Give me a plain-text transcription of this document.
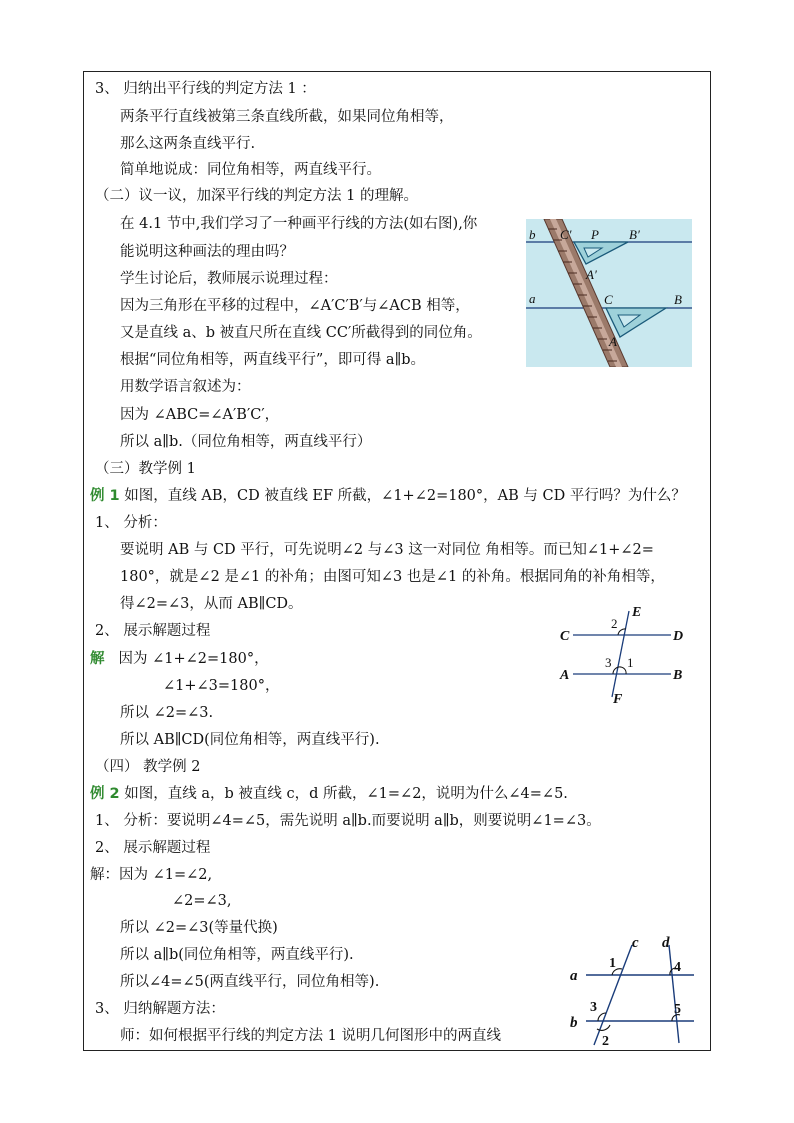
3、 归纳出平行线的判定方法 1 ：
两条平行直线被第三条直线所截，如果同位角相等，
那么这两条直线平行.
简单地说成：同位角相等，两直线平行。
（二）议一议，加深平行线的判定方法 1 的理解。
在 4.1 节中,我们学习了一种画平行线的方法(如右图),你
能说明这种画法的理由吗？
学生讨论后，教师展示说理过程：
因为三角形在平移的过程中，∠A′C′B′与∠ACB 相等，
又是直线 a、b 被直尺所在直线 CC′所截得到的同位角。
根据“同位角相等，两直线平行”，即可得 a∥b。
用数学语言叙述为：
因为 ∠ABC=∠A′B′C′，
所以 a∥b.（同位角相等，两直线平行）
（三）教学例 1
例 1 如图，直线 AB，CD 被直线 EF 所截，∠1+∠2=180°，AB 与 CD 平行吗？为什么？
1、 分析：
要说明 AB 与 CD 平行，可先说明∠2 与∠3 这一对同位 角相等。而已知∠1+∠2=
180°，就是∠2 是∠1 的补角；由图可知∠3 也是∠1 的补角。根据同角的补角相等，
得∠2=∠3，从而 AB∥CD。
2、 展示解题过程
解 因为 ∠1+∠2=180°，
∠1+∠3=180°，
所以 ∠2=∠3.
所以 AB∥CD(同位角相等，两直线平行).
（四） 教学例 2
例 2 如图，直线 a，b 被直线 c，d 所截，∠1=∠2，说明为什么∠4=∠5.
1、 分析：要说明∠4=∠5，需先说明 a∥b.而要说明 a∥b，则要说明∠1=∠3。
2、 展示解题过程
解：因为 ∠1=∠2,
∠2=∠3,
所以 ∠2=∠3(等量代换)
所以 a∥b(同位角相等，两直线平行).
所以∠4=∠5(两直线平行，同位角相等).
3、 归纳解题方法：
师：如何根据平行线的判定方法 1 说明几何图形中的两直线
b
a
C′ P B′
A′
C	B
A
C	D
A	B
E
F
2
3 1
c d
a
b
1	4
3	5
2
